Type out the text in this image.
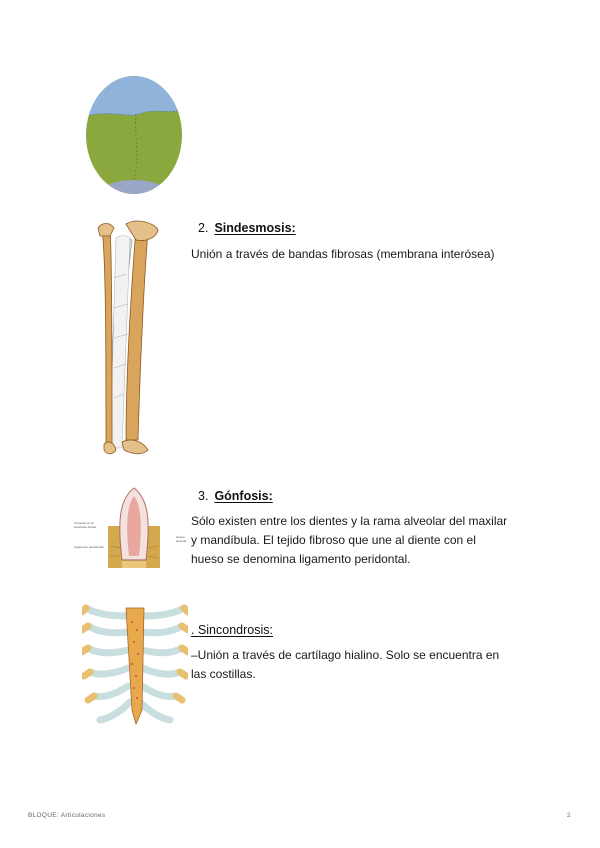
Cemento en la superficie dental
Ligamento periodontal
Hueso alveolar
2. Sindesmosis:
Unión a través de bandas fibrosas (membrana interósea)
3. Gónfosis:
Sólo existen entre los dientes y la rama alveolar del maxilar
y mandíbula. El tejido fibroso que une al diente con el
hueso se denomina ligamento peridontal.
. Sincondrosis:
–Unión a través de cartílago hialino. Solo se encuentra en
las costillas.
BLOQUE: Articulaciones	2
